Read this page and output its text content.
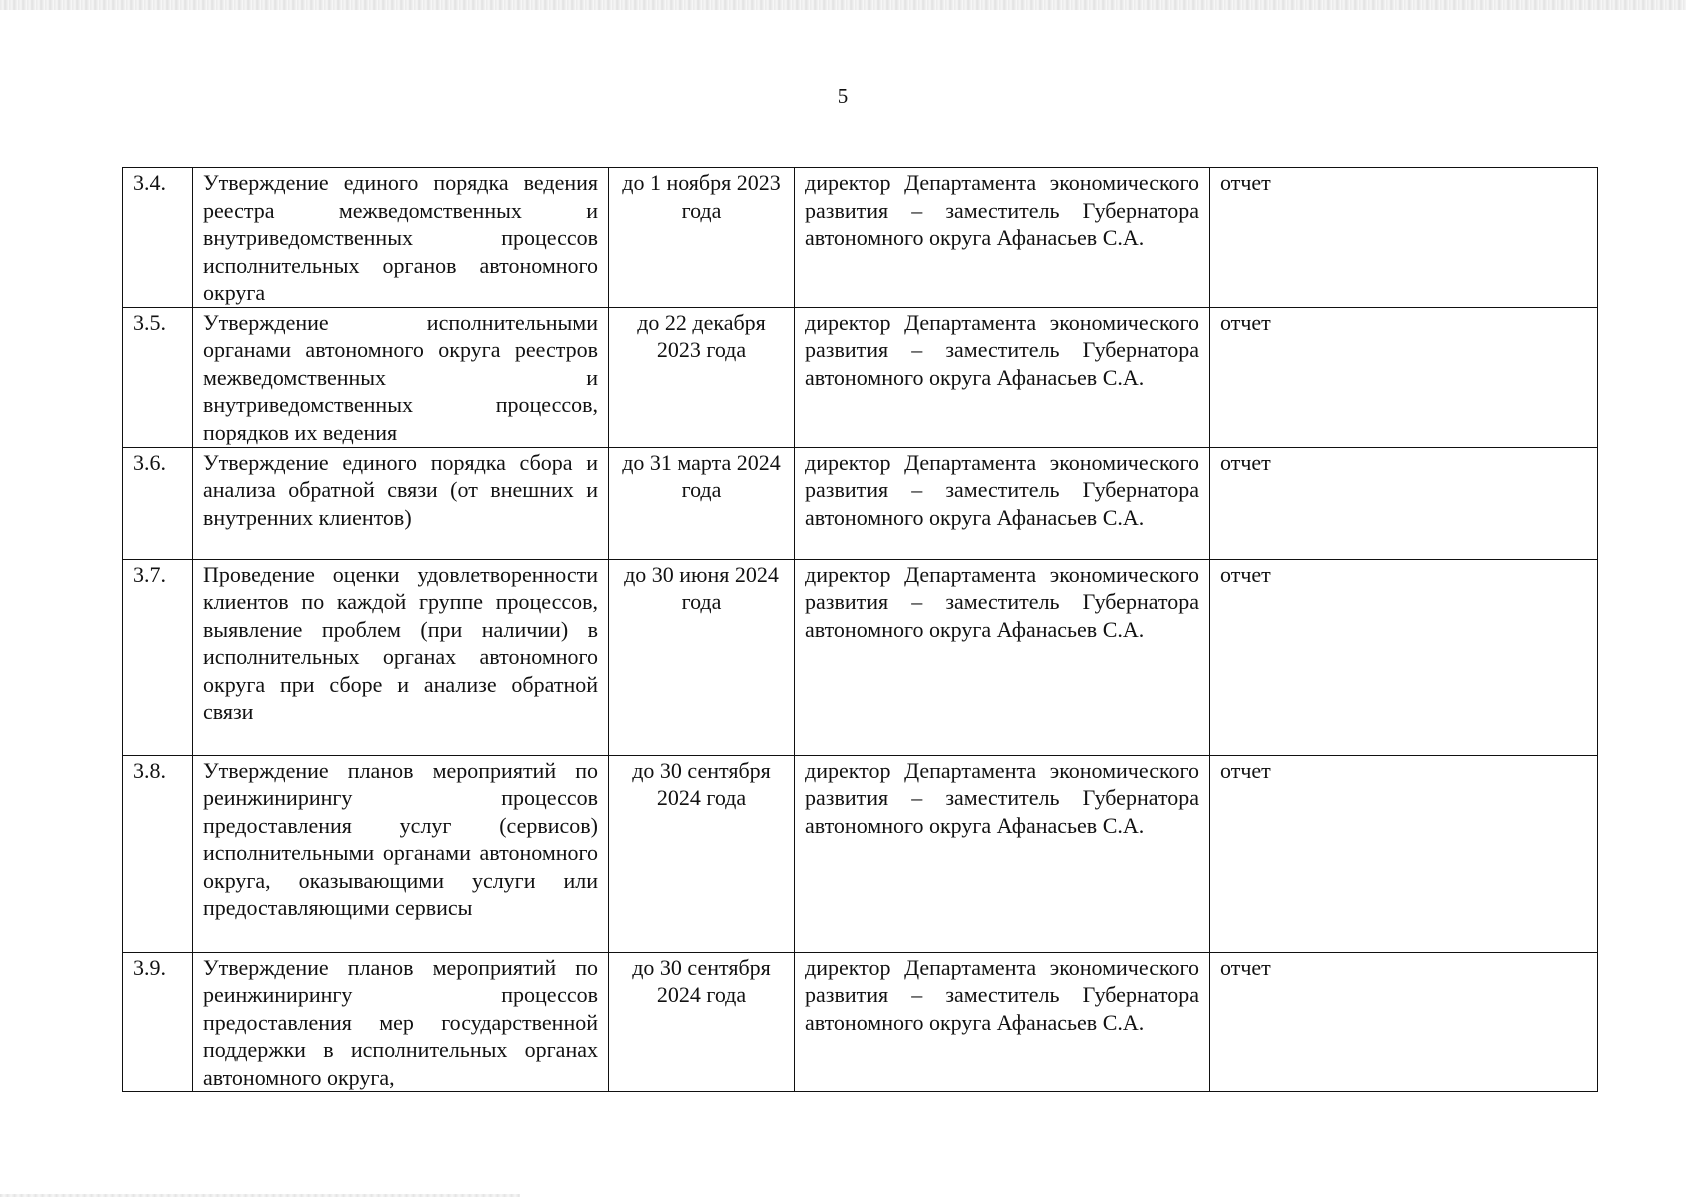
5
3.4.	Утверждение единого порядка ведения реестра межведомственных и внутриведомственных процессов исполнительных органов автономного округа	до 1 ноября 2023 года	директор Департамента экономического развития – заместитель Губернатора автономного округа Афанасьев С.А.	отчет
3.5.	Утверждение исполнительными органами автономного округа реестров межведомственных и внутриведомственных процессов, порядков их ведения	до 22 декабря 2023 года	директор Департамента экономического развития – заместитель Губернатора автономного округа Афанасьев С.А.	отчет
3.6.	Утверждение единого порядка сбора и анализа обратной связи (от внешних и внутренних клиентов)	до 31 марта 2024 года	директор Департамента экономического развития – заместитель Губернатора автономного округа Афанасьев С.А.	отчет
3.7.	Проведение оценки удовлетворенности клиентов по каждой группе процессов, выявление проблем (при наличии) в исполнительных органах автономного округа при сборе и анализе обратной связи	до 30 июня 2024 года	директор Департамента экономического развития – заместитель Губернатора автономного округа Афанасьев С.А.	отчет
3.8.	Утверждение планов мероприятий по реинжинирингу процессов предоставления услуг (сервисов) исполнительными органами автономного округа, оказывающими услуги или предоставляющими сервисы	до 30 сентября 2024 года	директор Департамента экономического развития – заместитель Губернатора автономного округа Афанасьев С.А.	отчет
3.9.	Утверждение планов мероприятий по реинжинирингу процессов предоставления мер государственной поддержки в исполнительных органах автономного округа,	до 30 сентября 2024 года	директор Департамента экономического развития – заместитель Губернатора автономного округа Афанасьев С.А.	отчет
